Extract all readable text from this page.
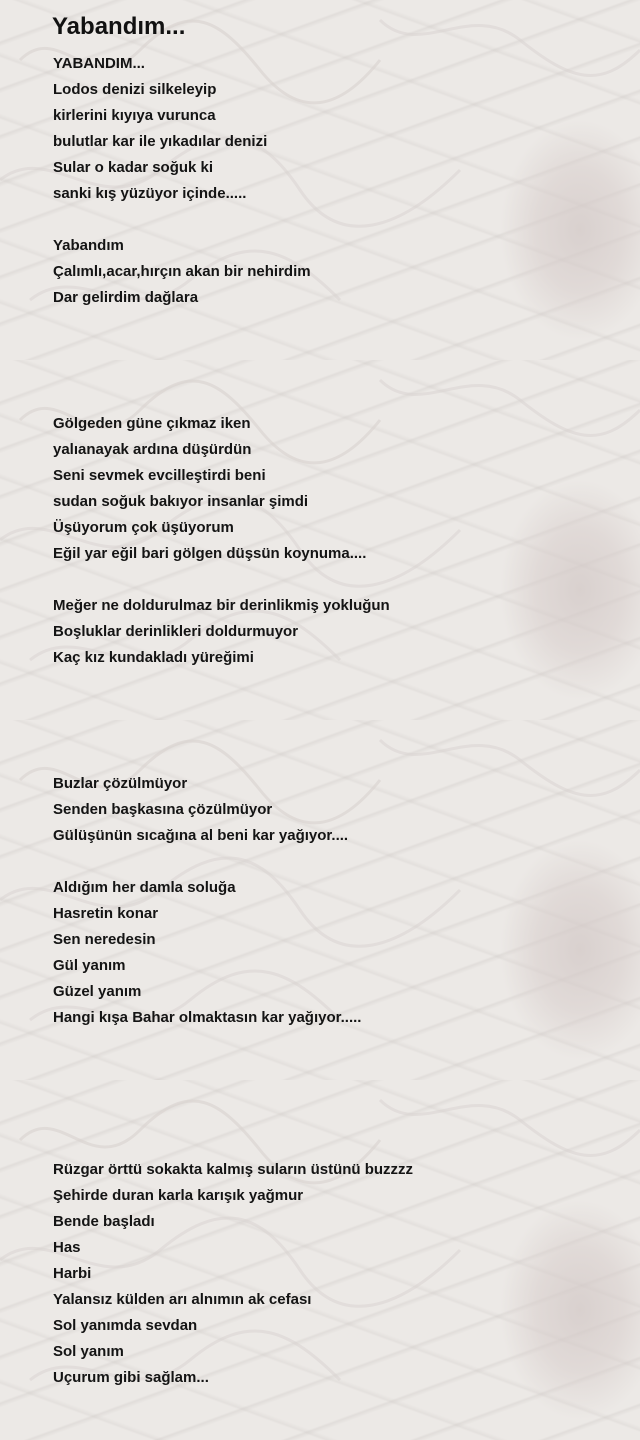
Yabandım...
YABANDIM...
Lodos denizi silkeleyip
kirlerini kıyıya vurunca
bulutlar kar ile yıkadılar denizi
Sular o kadar soğuk ki
sanki kış yüzüyor içinde.....
Yabandım
Çalımlı,acar,hırçın akan bir nehirdim
Dar gelirdim dağlara
Gölgeden güne çıkmaz iken
yalıanayak ardına düşürdün
Seni sevmek evcilleştirdi beni
sudan soğuk bakıyor insanlar şimdi
Üşüyorum çok üşüyorum
Eğil yar eğil bari gölgen düşsün koynuma....
Meğer ne doldurulmaz bir derinlikmiş yokluğun
Boşluklar derinlikleri doldurmuyor
Kaç kız kundakladı yüreğimi
Buzlar çözülmüyor
Senden başkasına çözülmüyor
Gülüşünün sıcağına al beni kar yağıyor....
Aldığım her damla soluğa
Hasretin konar
Sen neredesin
Gül yanım
Güzel yanım
Hangi kışa Bahar olmaktasın kar yağıyor.....
Rüzgar örttü sokakta kalmış suların üstünü buzzzz
Şehirde duran karla karışık yağmur
Bende başladı
Has
Harbi
Yalansız külden arı alnımın ak cefası
Sol yanımda sevdan
Sol yanım
Uçurum gibi sağlam...
